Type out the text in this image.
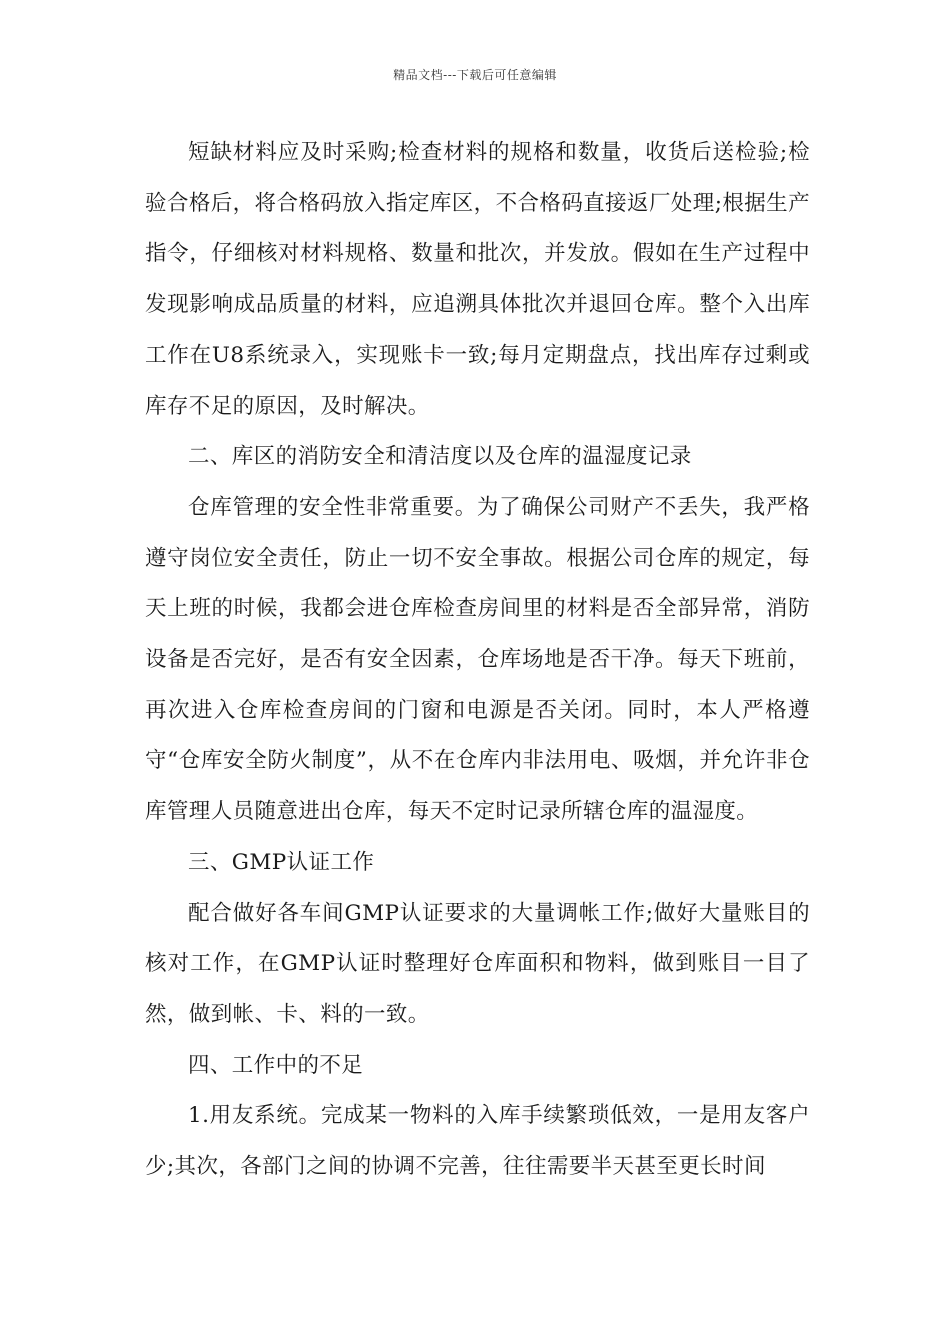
精品文档---下载后可任意编辑

短缺材料应及时采购;检查材料的规格和数量，收货后送检验;检验合格后，将合格码放入指定库区，不合格码直接返厂处理;根据生产指令，仔细核对材料规格、数量和批次，并发放。假如在生产过程中发现影响成品质量的材料，应追溯具体批次并退回仓库。整个入出库工作在U8系统录入，实现账卡一致;每月定期盘点，找出库存过剩或库存不足的原因，及时解决。

二、库区的消防安全和清洁度以及仓库的温湿度记录

仓库管理的安全性非常重要。为了确保公司财产不丢失，我严格遵守岗位安全责任，防止一切不安全事故。根据公司仓库的规定，每天上班的时候，我都会进仓库检查房间里的材料是否全部异常，消防设备是否完好，是否有安全因素，仓库场地是否干净。每天下班前，再次进入仓库检查房间的门窗和电源是否关闭。同时，本人严格遵守“仓库安全防火制度”，从不在仓库内非法用电、吸烟，并允许非仓库管理人员随意进出仓库，每天不定时记录所辖仓库的温湿度。

三、GMP认证工作

配合做好各车间GMP认证要求的大量调帐工作;做好大量账目的核对工作，在GMP认证时整理好仓库面积和物料，做到账目一目了然，做到帐、卡、料的一致。

四、工作中的不足

1.用友系统。完成某一物料的入库手续繁琐低效，一是用友客户少;其次，各部门之间的协调不完善，往往需要半天甚至更长时间
